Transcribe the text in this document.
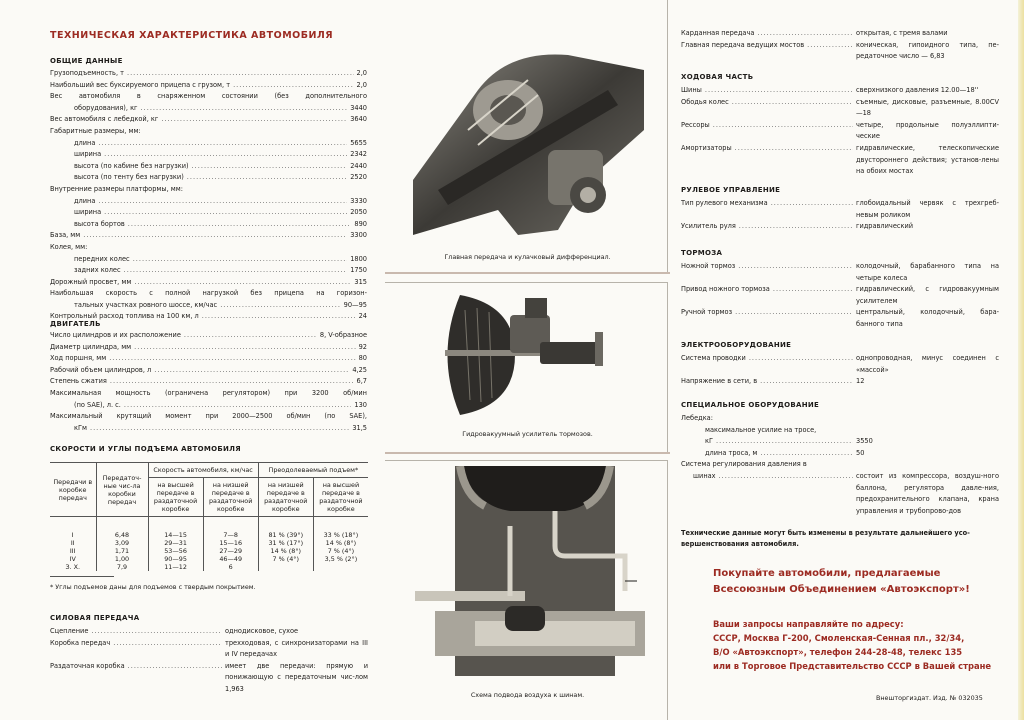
ТЕХНИЧЕСКАЯ ХАРАКТЕРИСТИКА АВТОМОБИЛЯ
ОБЩИЕ ДАННЫЕ
Грузоподъемность, т .....	2,0
Наибольший вес буксируемого прицепа с грузом, т .....	2,0
Вес автомобиля в снаряженном состоянии (без дополнительного
оборудования), кг .....	3440
Вес автомобиля с лебедкой, кг .....	3640
Габаритные размеры, мм:
длина .....	5655
ширина .....	2342
высота (по кабине без нагрузки) .....	2440
высота (по тенту без нагрузки) .....	2520
Внутренние размеры платформы, мм:
длина .....	3330
ширина .....	2050
высота бортов .....	890
База, мм .....	3300
Колея, мм:
передних колес .....	1800
задних колес .....	1750
Дорожный просвет, мм .....	315
Наибольшая скорость с полной нагрузкой без прицепа на горизон-
тальных участках ровного шоссе, км/час .....	90—95
Контрольный расход топлива на 100 км, л .....	24
ДВИГАТЕЛЬ
Число цилиндров и их расположение .....	8, V-образное
Диаметр цилиндра, мм .....	92
Ход поршня, мм .....	80
Рабочий объем цилиндров, л .....	4,25
Степень сжатия .....	6,7
Максимальная мощность (ограничена регулятором) при 3200 об/мин
(по SAE), л. с. .....	130
Максимальный крутящий момент при 2000—2500 об/мин (по SAE),
кГм .....	31,5
СКОРОСТИ И УГЛЫ ПОДЪЕМА АВТОМОБИЛЯ
Передачи в коробке передач	Передаточ-ные чис-ла коробки передач	Скорость автомобиля, км/час		Преодолеваемый подъем*	
		на высшей передаче в раздаточной коробке	на низшей передаче в раздаточной коробке	на низшей передаче в раздаточной коробке	на высшей передаче в раздаточной коробке
I	6,48	14—15	7—8	81 % (39°)	33 % (18°)
II	3,09	29—31	15—16	31 % (17°)	14 % (8°)
III	1,71	53—56	27—29	14 % (8°)	7 % (4°)
IV	1,00	90—95	46—49	7 % (4°)	3,5 % (2°)
З. Х.	7,9	11—12	6		
* Углы подъемов даны для подъемов с твердым покрытием.
СИЛОВАЯ ПЕРЕДАЧА
Сцепление .....	однодисковое, сухое
Коробка передач .....	трехходовая, с синхронизаторами на III и IV передачах
Раздаточная коробка .....	имеет две передачи: прямую и понижающую с передаточным чис-лом 1,963
Главная передача и кулачковый дифференциал.
Гидровакуумный усилитель тормозов.
Схема подвода воздуха к шинам.
Карданная передача .....	открытая, с тремя валами
Главная передача ведущих мостов .....	коническая, гипоидного типа, пе-редаточное число — 6,83
ХОДОВАЯ ЧАСТЬ
Шины .....	сверхнизкого давления 12.00—18''
Ободья колес .....	съемные, дисковые, разъемные, 8.00CV—18
Рессоры .....	четыре, продольные полуэллипти-ческие
Амортизаторы .....	гидравлические, телескопические двустороннего действия; установ-лены на обоих мостах
РУЛЕВОЕ УПРАВЛЕНИЕ
Тип рулевого механизма .....	глобоидальный червяк с трехгреб-невым роликом
Усилитель руля .....	гидравлический
ТОРМОЗА
Ножной тормоз .....	колодочный, барабанного типа на четыре колеса
Привод ножного тормоза .....	гидравлический, с гидровакуумным усилителем
Ручной тормоз .....	центральный, колодочный, бара-банного типа
ЭЛЕКТРООБОРУДОВАНИЕ
Система проводки .....	однопроводная, минус соединен с «массой»
Напряжение в сети, в .....	12
СПЕЦИАЛЬНОЕ ОБОРУДОВАНИЕ
Лебедка:
максимальное усилие на тросе,
кГ .....	3550
длина троса, м .....	50
Система регулирования давления в
шинах .....	состоит из компрессора, воздуш-ного баллона, регулятора давле-ния, предохранительного клапана, крана управления и трубопрово-дов
Технические данные могут быть изменены в результате дальнейшего усо-вершенствования автомобиля.
Покупайте автомобили, предлагаемые
Всесоюзным Объединением «Автоэкспорт»!
Ваши запросы направляйте по адресу:
СССР, Москва Г-200, Смоленская-Сенная пл., 32/34,
В/О «Автоэкспорт», телефон 244-28-48, телекс 135
или в Торговое Представительство СССР в Вашей стране
Внешторгиздат. Изд. № 032035
